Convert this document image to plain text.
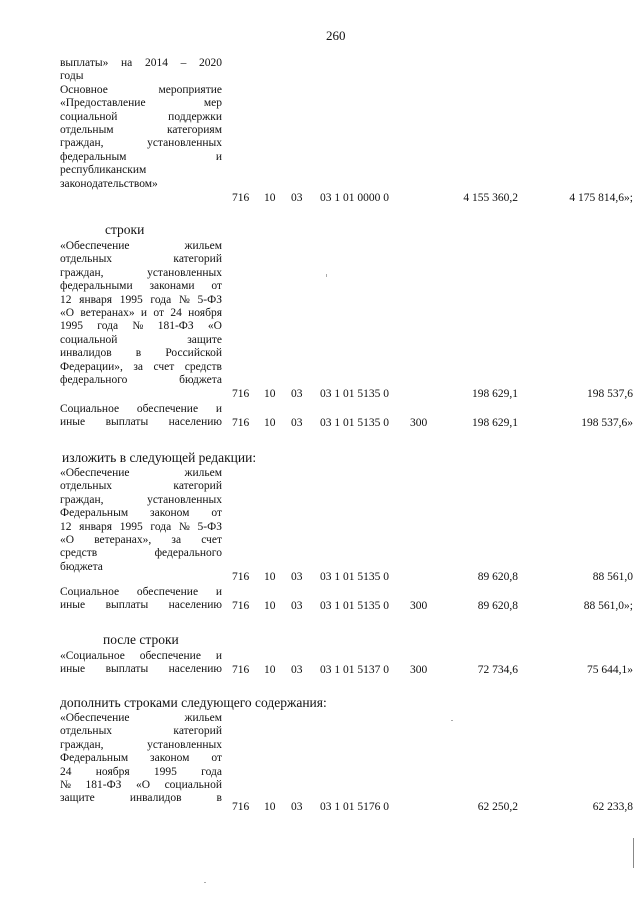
260
выплаты» на 2014 – 2020
годы
Основное	мероприятие
«Предоставление	мер
социальной	поддержки
отдельным	категориям
граждан,	установленных
федеральным	и
республиканским
законодательством»
716 10 03 03 1 01 0000 0	4 155 360,2	4 175 814,6»;
строки
«Обеспечение	жильем
отдельных	категорий
граждан,	установленных
федеральными законами от
12 января 1995 года № 5-ФЗ
«О ветеранах» и от 24 ноября
1995 года № 181-ФЗ «О
социальной	защите
инвалидов в Российской
Федерации», за счет средств
федерального	бюджета
716 10 03 03 1 01 5135 0	198 629,1	198 537,6
Социальное обеспечение и
иные выплаты населению 716 10 03 03 1 01 5135 0 300	198 629,1	198 537,6»
изложить в следующей редакции:
«Обеспечение	жильем
отдельных	категорий
граждан,	установленных
Федеральным законом от
12 января 1995 года № 5-ФЗ
«О ветеранах», за счет
средств	федерального
бюджета
716 10 03 03 1 01 5135 0	89 620,8	88 561,0
Социальное обеспечение и
иные выплаты населению 716 10 03 03 1 01 5135 0 300	89 620,8	88 561,0»;
после строки
«Социальное обеспечение и
иные выплаты населению 716 10 03 03 1 01 5137 0 300	72 734,6	75 644,1»
дополнить строками следующего содержания:
«Обеспечение	жильем
отдельных	категорий
граждан,	установленных
Федеральным законом от
24 ноября 1995 года
№ 181-ФЗ «О социальной
защите	инвалидов	в
716 10 03 03 1 01 5176 0	62 250,2	62 233,8
